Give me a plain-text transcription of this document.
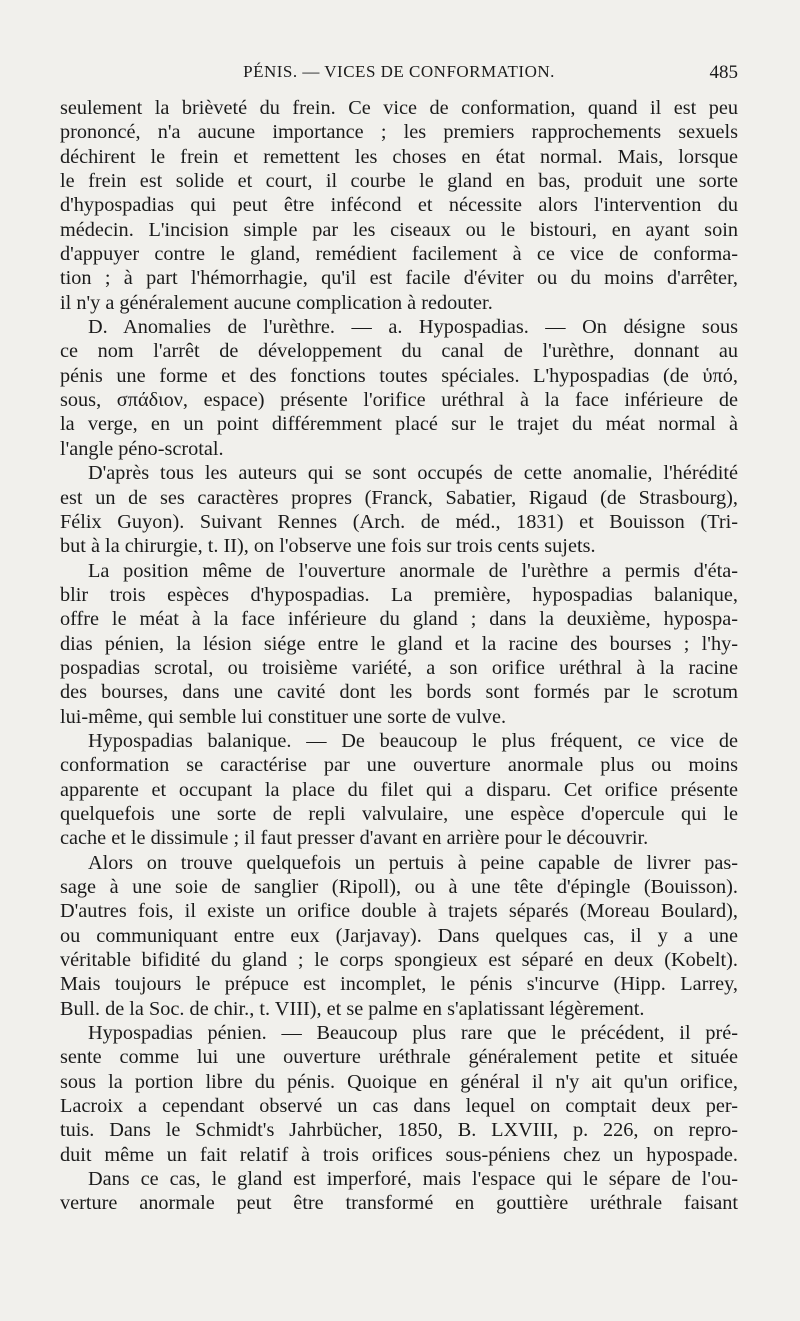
PÉNIS. — VICES DE CONFORMATION.	485
seulement la brièveté du frein. Ce vice de conformation, quand il est peu
prononcé, n'a aucune importance ; les premiers rapprochements sexuels
déchirent le frein et remettent les choses en état normal. Mais, lorsque
le frein est solide et court, il courbe le gland en bas, produit une sorte
d'hypospadias qui peut être infécond et nécessite alors l'intervention du
médecin. L'incision simple par les ciseaux ou le bistouri, en ayant soin
d'appuyer contre le gland, remédient facilement à ce vice de conforma-
tion ; à part l'hémorrhagie, qu'il est facile d'éviter ou du moins d'arrêter,
il n'y a généralement aucune complication à redouter.
D. Anomalies de l'urèthre. — a. Hypospadias. — On désigne sous
ce nom l'arrêt de développement du canal de l'urèthre, donnant au
pénis une forme et des fonctions toutes spéciales. L'hypospadias (de ὑπό,
sous, σπάδιον, espace) présente l'orifice uréthral à la face inférieure de
la verge, en un point différemment placé sur le trajet du méat normal à
l'angle péno-scrotal.
D'après tous les auteurs qui se sont occupés de cette anomalie, l'hérédité
est un de ses caractères propres (Franck, Sabatier, Rigaud (de Strasbourg),
Félix Guyon). Suivant Rennes (Arch. de méd., 1831) et Bouisson (Tri-
but à la chirurgie, t. II), on l'observe une fois sur trois cents sujets.
La position même de l'ouverture anormale de l'urèthre a permis d'éta-
blir trois espèces d'hypospadias. La première, hypospadias balanique,
offre le méat à la face inférieure du gland ; dans la deuxième, hypospa-
dias pénien, la lésion siége entre le gland et la racine des bourses ; l'hy-
pospadias scrotal, ou troisième variété, a son orifice uréthral à la racine
des bourses, dans une cavité dont les bords sont formés par le scrotum
lui-même, qui semble lui constituer une sorte de vulve.
Hypospadias balanique. — De beaucoup le plus fréquent, ce vice de
conformation se caractérise par une ouverture anormale plus ou moins
apparente et occupant la place du filet qui a disparu. Cet orifice présente
quelquefois une sorte de repli valvulaire, une espèce d'opercule qui le
cache et le dissimule ; il faut presser d'avant en arrière pour le découvrir.
Alors on trouve quelquefois un pertuis à peine capable de livrer pas-
sage à une soie de sanglier (Ripoll), ou à une tête d'épingle (Bouisson).
D'autres fois, il existe un orifice double à trajets séparés (Moreau Boulard),
ou communiquant entre eux (Jarjavay). Dans quelques cas, il y a une
véritable bifidité du gland ; le corps spongieux est séparé en deux (Kobelt).
Mais toujours le prépuce est incomplet, le pénis s'incurve (Hipp. Larrey,
Bull. de la Soc. de chir., t. VIII), et se palme en s'aplatissant légèrement.
Hypospadias pénien. — Beaucoup plus rare que le précédent, il pré-
sente comme lui une ouverture uréthrale généralement petite et située
sous la portion libre du pénis. Quoique en général il n'y ait qu'un orifice,
Lacroix a cependant observé un cas dans lequel on comptait deux per-
tuis. Dans le Schmidt's Jahrbücher, 1850, B. LXVIII, p. 226, on repro-
duit même un fait relatif à trois orifices sous-péniens chez un hypospade.
Dans ce cas, le gland est imperforé, mais l'espace qui le sépare de l'ou-
verture anormale peut être transformé en gouttière uréthrale faisant
